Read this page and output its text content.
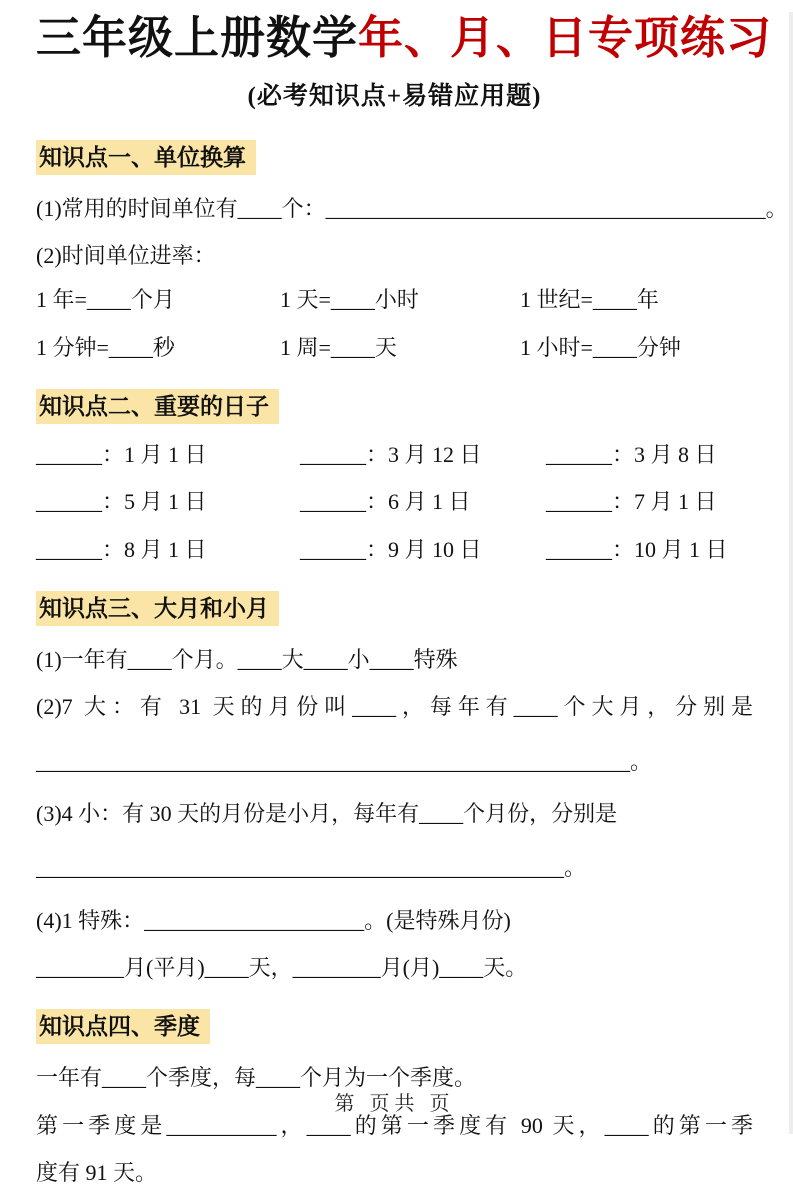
三年级上册数学年、月、日专项练习
(必考知识点+易错应用题)
知识点一、单位换算
(1)常用的时间单位有____个：________________________________________。
(2)时间单位进率：
1 年=____个月	1 天=____小时	1 世纪=____年
1 分钟=____秒	1 周=____天	1 小时=____分钟
知识点二、重要的日子
______：1 月 1 日	______：3 月 12 日	______：3 月 8 日
______：5 月 1 日	______：6 月 1 日	______：7 月 1 日
______：8 月 1 日	______：9 月 10 日	______：10 月 1 日
知识点三、大月和小月
(1)一年有____个月。____大____小____特殊
(2)7 大：有 31 天的月份叫____，每年有____个大月，分别是
______________________________________________________。
(3)4 小：有 30 天的月份是小月，每年有____个月份，分别是
________________________________________________。
(4)1 特殊：____________________。(是特殊月份)
________月(平月)____天，________月(月)____天。
知识点四、季度
一年有____个季度，每____个月为一个季度。
第一季度是__________，____的第一季度有 90 天，____的第一季
度有 91 天。
第 页共 页
